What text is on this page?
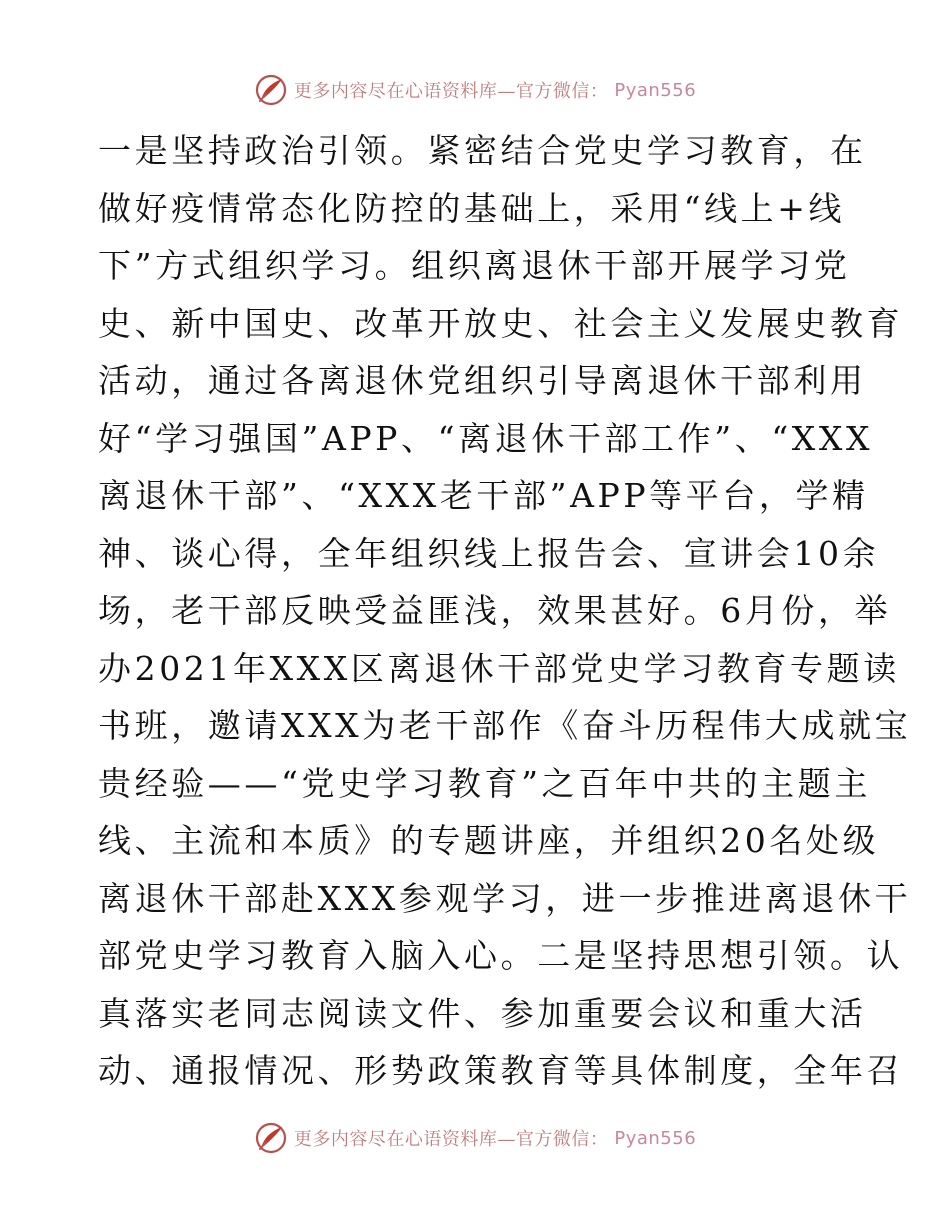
更多内容尽在心语资料库—官方微信： Pyan556
一是坚持政治引领。紧密结合党史学习教育，在
做好疫情常态化防控的基础上，采用“线上+线
下”方式组织学习。组织离退休干部开展学习党
史、新中国史、改革开放史、社会主义发展史教育
活动，通过各离退休党组织引导离退休干部利用
好“学习强国”APP、“离退休干部工作”、“XXX
离退休干部”、“XXX老干部”APP等平台，学精
神、谈心得，全年组织线上报告会、宣讲会10余
场，老干部反映受益匪浅，效果甚好。6月份，举
办2021年XXX区离退休干部党史学习教育专题读
书班，邀请XXX为老干部作《奋斗历程伟大成就宝
贵经验——“党史学习教育”之百年中共的主题主
线、主流和本质》的专题讲座，并组织20名处级
离退休干部赴XXX参观学习，进一步推进离退休干
部党史学习教育入脑入心。二是坚持思想引领。认
真落实老同志阅读文件、参加重要会议和重大活
动、通报情况、形势政策教育等具体制度，全年召
更多内容尽在心语资料库—官方微信： Pyan556
